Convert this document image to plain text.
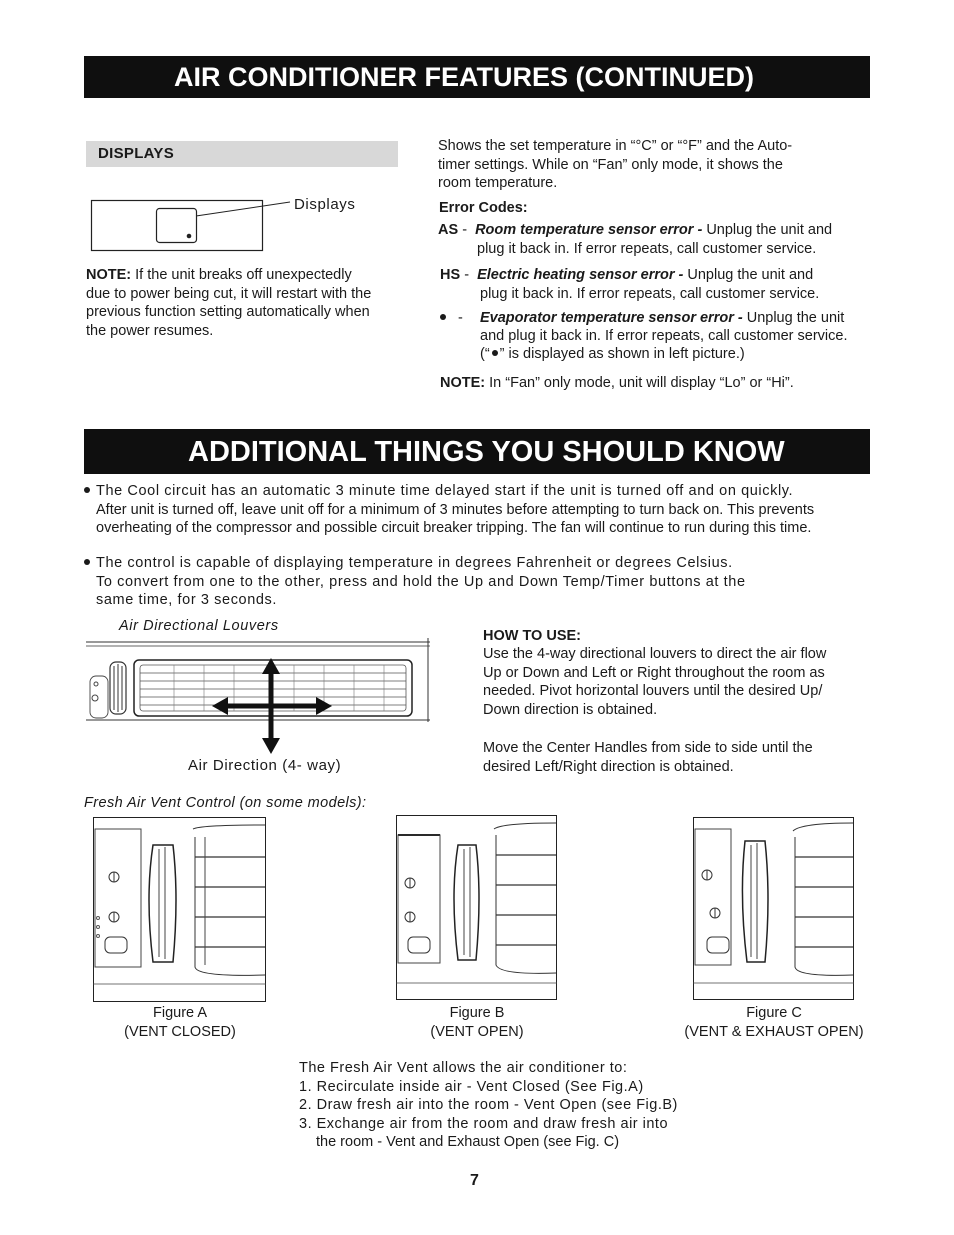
AIR CONDITIONER FEATURES (CONTINUED)
DISPLAYS
Displays
NOTE: If the unit breaks off unexpectedly
due to power being cut, it will restart with the
previous function setting automatically when
the power resumes.
Shows the set temperature in “°C” or “°F” and the Auto-
timer settings. While on “Fan” only mode, it shows the
room temperature.
Error Codes:
AS - Room temperature sensor error - Unplug the unit and
plug it back in. If error repeats, call customer service.
HS - Electric heating sensor error - Unplug the unit and
plug it back in. If error repeats, call customer service.
- Evaporator temperature sensor error - Unplug the unit
and plug it back in. If error repeats, call customer service.
(“ ” is displayed as shown in left picture.)
NOTE: In “Fan” only mode, unit will display “Lo” or “Hi”.
ADDITIONAL THINGS YOU SHOULD KNOW
The Cool circuit has an automatic 3 minute time delayed start if the unit is turned off and on quickly.
After unit is turned off, leave unit off for a minimum of 3 minutes before attempting to turn back on. This prevents
overheating of the compressor and possible circuit breaker tripping. The fan will continue to run during this time.
The control is capable of displaying temperature in degrees Fahrenheit or degrees Celsius.
To convert from one to the other, press and hold the Up and Down Temp/Timer buttons at the
same time, for 3 seconds.
Air Directional Louvers
Air Direction (4- way)
HOW TO USE:
Use the 4-way directional louvers to direct the air flow
Up or Down and Left or Right throughout the room as
needed. Pivot horizontal louvers until the desired Up/
Down direction is obtained.
Move the Center Handles from side to side until the
desired Left/Right direction is obtained.
Fresh Air Vent Control (on some models):
Figure A
(VENT CLOSED)
Figure B
(VENT OPEN)
Figure C
(VENT & EXHAUST OPEN)
The Fresh Air Vent allows the air conditioner to:
1. Recirculate inside air - Vent Closed (See Fig.A)
2. Draw fresh air into the room - Vent Open (see Fig.B)
3. Exchange air from the room and draw fresh air into
the room - Vent and Exhaust Open (see Fig. C)
7
